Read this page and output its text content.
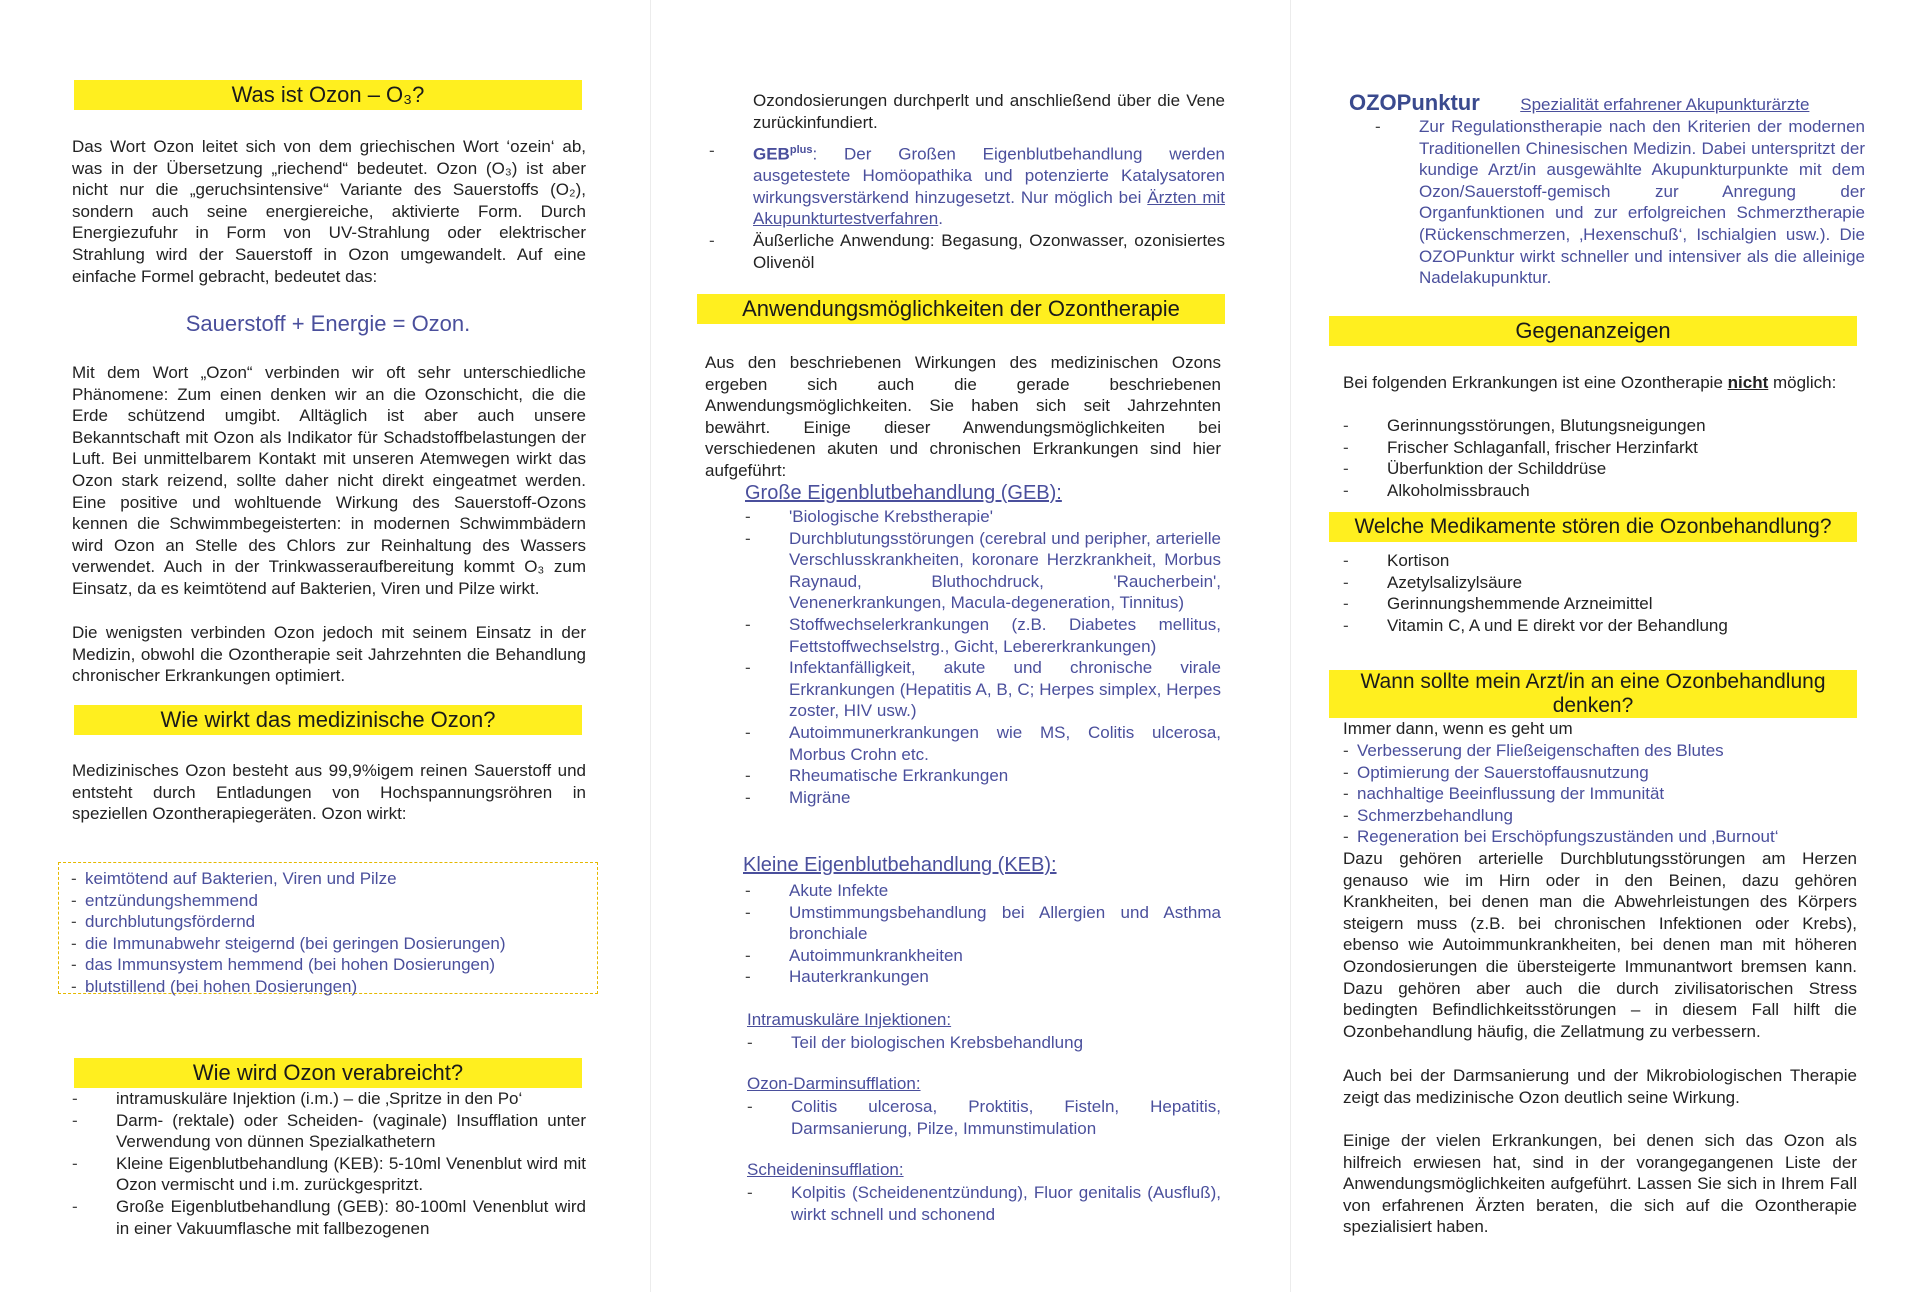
Was ist Ozon – O₃?

Das Wort Ozon leitet sich von dem griechischen Wort ‘ozein‘ ab, was in der Übersetzung „riechend“ bedeutet. Ozon (O₃) ist aber nicht nur die „geruchsintensive“ Variante des Sauerstoffs (O₂), sondern auch seine energiereiche, aktivierte Form. Durch Energiezufuhr in Form von UV-Strahlung oder elektrischer Strahlung wird der Sauerstoff in Ozon umgewandelt. Auf eine einfache Formel gebracht, bedeutet das:

Sauerstoff + Energie = Ozon.

Mit dem Wort „Ozon“ verbinden wir oft sehr unterschiedliche Phänomene: Zum einen denken wir an die Ozonschicht, die die Erde schützend umgibt. Alltäglich ist aber auch unsere Bekanntschaft mit Ozon als Indikator für Schadstoffbelastungen der Luft. Bei unmittelbarem Kontakt mit unseren Atemwegen wirkt das Ozon stark reizend, sollte daher nicht direkt eingeatmet werden. Eine positive und wohltuende Wirkung des Sauerstoff-Ozons kennen die Schwimmbegeisterten: in modernen Schwimmbädern wird Ozon an Stelle des Chlors zur Reinhaltung des Wassers verwendet. Auch in der Trinkwasseraufbereitung kommt O₃ zum Einsatz, da es keimtötend auf Bakterien, Viren und Pilze wirkt.

Die wenigsten verbinden Ozon jedoch mit seinem Einsatz in der Medizin, obwohl die Ozontherapie seit Jahrzehnten die Behandlung chronischer Erkrankungen optimiert.

Wie wirkt das medizinische Ozon?

Medizinisches Ozon besteht aus 99,9%igem reinen Sauerstoff und entsteht durch Entladungen von Hochspannungsröhren in speziellen Ozontherapiegeräten. Ozon wirkt:

- keimtötend auf Bakterien, Viren und Pilze
- entzündungshemmend
- durchblutungsfördernd
- die Immunabwehr steigernd (bei geringen Dosierungen)
- das Immunsystem hemmend (bei hohen Dosierungen)
- blutstillend (bei hohen Dosierungen)
Wie wird Ozon verabreicht?
- intramuskuläre Injektion (i.m.) – die ‚Spritze in den Po‘
- Darm- (rektale) oder Scheiden- (vaginale) Insufflation unter Verwendung von dünnen Spezialkathetern
- Kleine Eigenblutbehandlung (KEB): 5-10ml Venenblut wird mit Ozon vermischt und i.m. zurückgespritzt.
- Große Eigenblutbehandlung (GEB): 80-100ml Venenblut wird in einer Vakuumflasche mit fallbezogenen

Ozondosierungen durchperlt und anschließend über die Vene zurückinfundiert.

- $GEB^{plus}$: Der Großen Eigenblutbehandlung werden ausgetestete Homöopathika und potenzierte Katalysatoren wirkungsverstärkend hinzugesetzt. Nur möglich bei Ärzten mit Akupunkturtestverfahren.
- Äußerliche Anwendung: Begasung, Ozonwasser, ozonisiertes Olivenöl
Anwendungsmöglichkeiten der Ozontherapie

Aus den beschriebenen Wirkungen des medizinischen Ozons ergeben sich auch die gerade beschriebenen Anwendungsmöglichkeiten. Sie haben sich seit Jahrzehnten bewährt. Einige dieser Anwendungsmöglichkeiten bei verschiedenen akuten und chronischen Erkrankungen sind hier aufgeführt:

Große Eigenblutbehandlung (GEB):
- 'Biologische Krebstherapie'
- Durchblutungsstörungen (cerebral und peripher, arterielle Verschlusskrankheiten, koronare Herzkrankheit, Morbus Raynaud, Bluthochdruck, 'Raucherbein', Venenerkrankungen, Macula-degeneration, Tinnitus)
- Stoffwechselerkrankungen (z.B. Diabetes mellitus, Fettstoffwechselstrg., Gicht, Lebererkrankungen)
- Infektanfälligkeit, akute und chronische virale Erkrankungen (Hepatitis A, B, C; Herpes simplex, Herpes zoster, HIV usw.)
- Autoimmunerkrankungen wie MS, Colitis ulcerosa, Morbus Crohn etc.
- Rheumatische Erkrankungen
- Migräne
Kleine Eigenblutbehandlung (KEB):
- Akute Infekte
- Umstimmungsbehandlung bei Allergien und Asthma bronchiale
- Autoimmunkrankheiten
- Hauterkrankungen
Intramuskuläre Injektionen:
- Teil der biologischen Krebsbehandlung
Ozon-Darminsufflation:
- Colitis ulcerosa, Proktitis, Fisteln, Hepatitis, Darmsanierung, Pilze, Immunstimulation
Scheideninsufflation:
- Kolpitis (Scheidenentzündung), Fluor genitalis (Ausfluß), wirkt schnell und schonend
OZOPunktur Spezialität erfahrener Akupunkturärzte
- Zur Regulationstherapie nach den Kriterien der modernen Traditionellen Chinesischen Medizin. Dabei unterspritzt der kundige Arzt/in ausgewählte Akupunkturpunkte mit dem Ozon/Sauerstoff-gemisch zur Anregung der Organfunktionen und zur erfolgreichen Schmerztherapie (Rückenschmerzen, ‚Hexenschuß‘, Ischialgien usw.). Die OZOPunktur wirkt schneller und intensiver als die alleinige Nadelakupunktur.
Gegenanzeigen

Bei folgenden Erkrankungen ist eine Ozontherapie nicht möglich:

- Gerinnungsstörungen, Blutungsneigungen
- Frischer Schlaganfall, frischer Herzinfarkt
- Überfunktion der Schilddrüse
- Alkoholmissbrauch
Welche Medikamente stören die Ozonbehandlung?
- Kortison
- Azetylsalizylsäure
- Gerinnungshemmende Arzneimittel
- Vitamin C, A und E direkt vor der Behandlung
Wann sollte mein Arzt/in an eine Ozonbehandlung denken?

Immer dann, wenn es geht um

- Verbesserung der Fließeigenschaften des Blutes
- Optimierung der Sauerstoffausnutzung
- nachhaltige Beeinflussung der Immunität
- Schmerzbehandlung
- Regeneration bei Erschöpfungszuständen und ‚Burnout‘

Dazu gehören arterielle Durchblutungsstörungen am Herzen genauso wie im Hirn oder in den Beinen, dazu gehören Krankheiten, bei denen man die Abwehrleistungen des Körpers steigern muss (z.B. bei chronischen Infektionen oder Krebs), ebenso wie Autoimmunkrankheiten, bei denen man mit höheren Ozondosierungen die übersteigerte Immunantwort bremsen kann. Dazu gehören aber auch die durch zivilisatorischen Stress bedingten Befindlichkeitsstörungen – in diesem Fall hilft die Ozonbehandlung häufig, die Zellatmung zu verbessern.

Auch bei der Darmsanierung und der Mikrobiologischen Therapie zeigt das medizinische Ozon deutlich seine Wirkung.

Einige der vielen Erkrankungen, bei denen sich das Ozon als hilfreich erwiesen hat, sind in der vorangegangenen Liste der Anwendungsmöglichkeiten aufgeführt. Lassen Sie sich in Ihrem Fall von erfahrenen Ärzten beraten, die sich auf die Ozontherapie spezialisiert haben.
